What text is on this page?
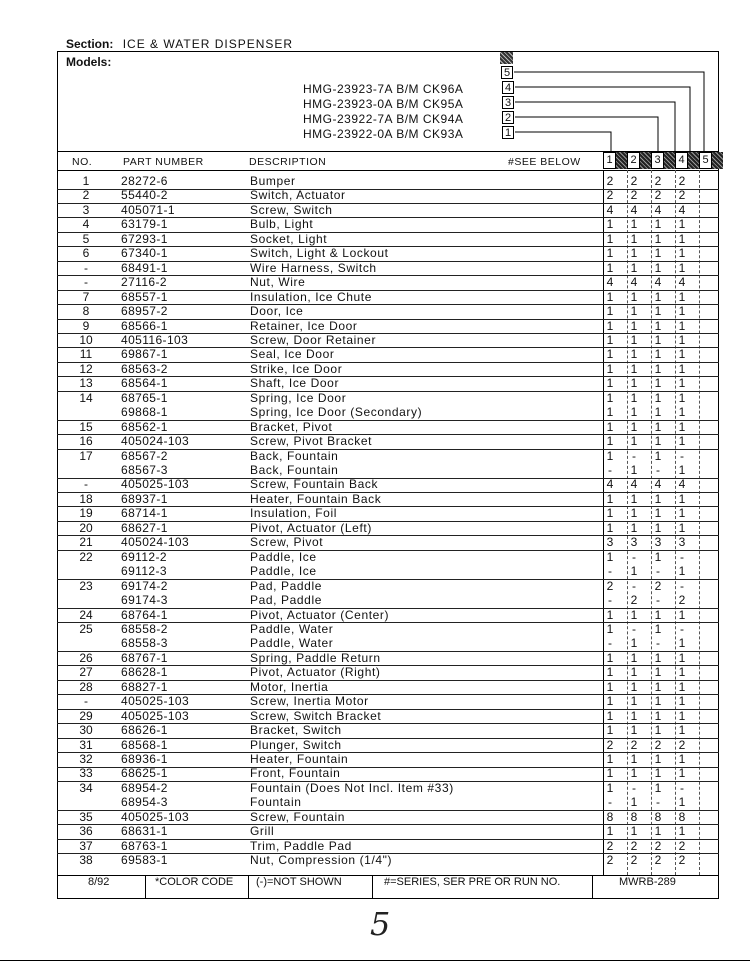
Section: ICE & WATER DISPENSER
Models:
5
HMG-23923-7A B/M CK96A	4
HMG-23923-0A B/M CK95A	3
HMG-23922-7A B/M CK94A	2
HMG-23922-0A B/M CK93A	1
NO.	PART NUMBER	DESCRIPTION	#SEE BELOW	1	2	3	4	5
1	28272-6	Bumper	2	2	2	2
2	55440-2	Switch, Actuator	2	2	2	2
3	405071-1	Screw, Switch	4	4	4	4
4	63179-1	Bulb, Light	1	1	1	1
5	67293-1	Socket, Light	1	1	1	1
6	67340-1	Switch, Light & Lockout	1	1	1	1
-	68491-1	Wire Harness, Switch	1	1	1	1
-	27116-2	Nut, Wire	4	4	4	4
7	68557-1	Insulation, Ice Chute	1	1	1	1
8	68957-2	Door, Ice	1	1	1	1
9	68566-1	Retainer, Ice Door	1	1	1	1
10	405116-103	Screw, Door Retainer	1	1	1	1
11	69867-1	Seal, Ice Door	1	1	1	1
12	68563-2	Strike, Ice Door	1	1	1	1
13	68564-1	Shaft, Ice Door	1	1	1	1
14	68765-1	Spring, Ice Door	1	1	1	1
69868-1	Spring, Ice Door (Secondary)	1	1	1	1
15	68562-1	Bracket, Pivot	1	1	1	1
16	405024-103	Screw, Pivot Bracket	1	1	1	1
17	68567-2	Back, Fountain	1	-	1	-
68567-3	Back, Fountain	-	1	-	1
-	405025-103	Screw, Fountain Back	4	4	4	4
18	68937-1	Heater, Fountain Back	1	1	1	1
19	68714-1	Insulation, Foil	1	1	1	1
20	68627-1	Pivot, Actuator (Left)	1	1	1	1
21	405024-103	Screw, Pivot	3	3	3	3
22	69112-2	Paddle, Ice	1	-	1	-
69112-3	Paddle, Ice	-	1	-	1
23	69174-2	Pad, Paddle	2	-	2	-
69174-3	Pad, Paddle	-	2	-	2
24	68764-1	Pivot, Actuator (Center)	1	1	1	1
25	68558-2	Paddle, Water	1	-	1	-
68558-3	Paddle, Water	-	1	-	1
26	68767-1	Spring, Paddle Return	1	1	1	1
27	68628-1	Pivot, Actuator (Right)	1	1	1	1
28	68827-1	Motor, Inertia	1	1	1	1
-	405025-103	Screw, Inertia Motor	1	1	1	1
29	405025-103	Screw, Switch Bracket	1	1	1	1
30	68626-1	Bracket, Switch	1	1	1	1
31	68568-1	Plunger, Switch	2	2	2	2
32	68936-1	Heater, Fountain	1	1	1	1
33	68625-1	Front, Fountain	1	1	1	1
34	68954-2	Fountain (Does Not Incl. Item #33)	1	-	1	-
68954-3	Fountain	-	1	-	1
35	405025-103	Screw, Fountain	8	8	8	8
36	68631-1	Grill	1	1	1	1
37	68763-1	Trim, Paddle Pad	2	2	2	2
38	69583-1	Nut, Compression (1/4")	2	2	2	2
8/92	*COLOR CODE (-)=NOT SHOWN	#=SERIES, SER PRE OR RUN NO.	MWRB-289
5
